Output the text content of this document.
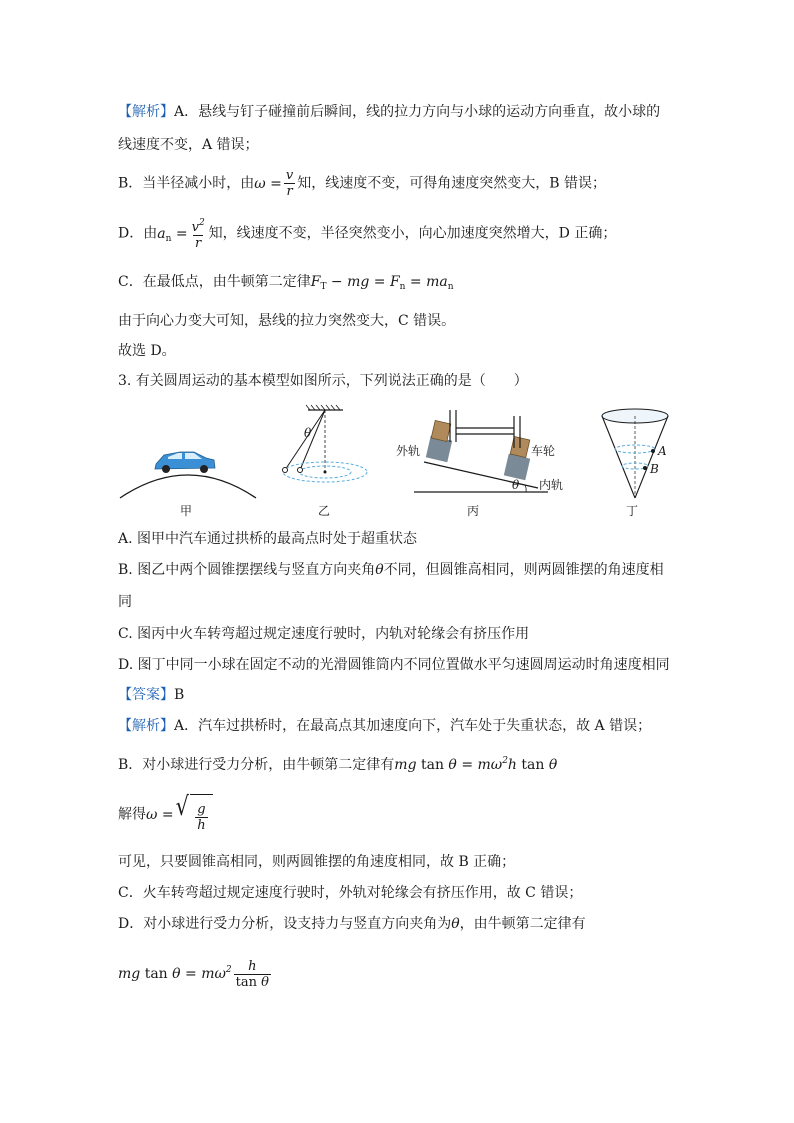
【解析】A．悬线与钉子碰撞前后瞬间，线的拉力方向与小球的运动方向垂直，故小球的
线速度不变，A 错误；
B．当半径减小时，由$\omega = \frac{v}{r}$ 知，线速度不变，可得角速度突然变大，B 错误；
D．由$a_n = \frac{v^2}{r}$ 知，线速度不变，半径突然变小，向心加速度突然增大，D 正确；
C．在最低点，由牛顿第二定律$F_T$ − mg = $F_n = ma_n$
由于向心力变大可知，悬线的拉力突然变大，C 错误。
故选 D。
3. 有关圆周运动的基本模型如图所示，下列说法正确的是（　　）
θ
外轨	车轮
内轨
θ
A
B
甲	乙	丙	丁
A. 图甲中汽车通过拱桥的最高点时处于超重状态
B. 图乙中两个圆锥摆摆线与竖直方向夹角θ不同，但圆锥高相同，则两圆锥摆的角速度相
同
C. 图丙中火车转弯超过规定速度行驶时，内轨对轮缘会有挤压作用
D. 图丁中同一小球在固定不动的光滑圆锥筒内不同位置做水平匀速圆周运动时角速度相同
【答案】B
【解析】A．汽车过拱桥时，在最高点其加速度向下，汽车处于失重状态，故 A 错误；
B．对小球进行受力分析，由牛顿第二定律有mg $\tan \theta = m\omega^2h$ tan θ
解得ω = √ $\frac{g}{h}$
可见，只要圆锥高相同，则两圆锥摆的角速度相同，故 B 正确；
C．火车转弯超过规定速度行驶时，外轨对轮缘会有挤压作用，故 C 错误；
D．对小球进行受力分析，设支持力与竖直方向夹角为θ，由牛顿第二定律有
mg $\tan \theta = m\omega^2 \frac{h}{\text{tan θ}}$
